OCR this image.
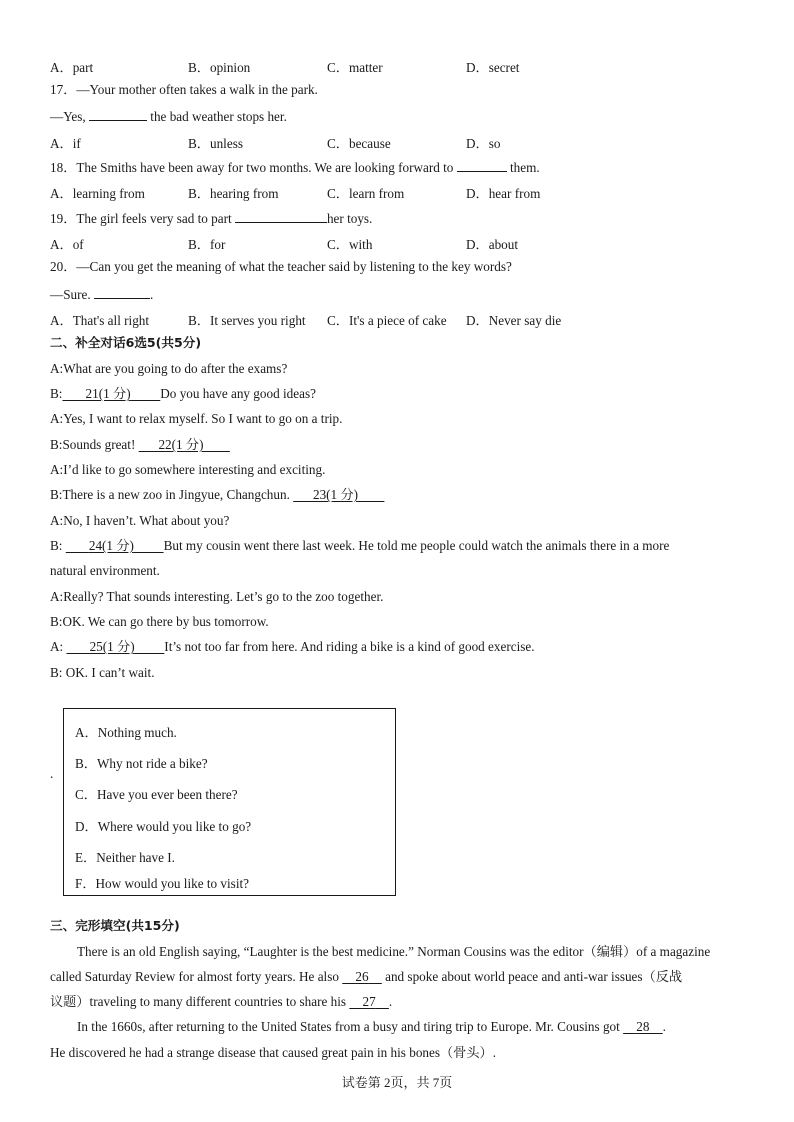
A．part	B．opinion	C．matter	D．secret
17．—Your mother often takes a walk in the park.
—Yes,	the bad weather stops her.
A．if	B．unless	C．because	D．so
18．The Smiths have been away for two months. We are looking forward to	them.
A．learning from	B．hearing from	C．learn from	D．hear from
19．The girl feels very sad to part	her toys.
A．of	B．for	C．with	D．about
20．—Can you get the meaning of what the teacher said by listening to the key words?
—Sure.	.
A．That's all right	B．It serves you right C．It's a piece of cake D．Never say die
二、补全对话6选5(共5分)
A:What are you going to do after the exams?
B: 21(1 分) Do you have any good ideas?
A:Yes, I want to relax myself. So I want to go on a trip.
B:Sounds great!       22(1 分)
A:I’d like to go somewhere interesting and exciting.
B:There is a new zoo in Jingyue, Changchun.       23(1 分)
A:No, I haven’t. What about you?
B:        24(1 分) But my cousin went there last week. He told me people could watch the animals there in a more
natural environment.
A:Really? That sounds interesting. Let’s go to the zoo together.
B:OK. We can go there by bus tomorrow.
A:        25(1 分) It’s not too far from here. And riding a bike is a kind of good exercise.
B: OK. I can’t wait.
.
A．Nothing much.
B．Why not ride a bike?
C．Have you ever been there?
D．Where would you like to go?
E．Neither have I.
F．How would you like to visit?
三、完形填空(共15分)
There is an old English saying, “Laughter is the best medicine.” Norman Cousins was the editor（编辑）of a magazine
called Saturday Review for almost forty years. He also     26     and spoke about world peace and anti-war issues（反战
议题）traveling to many different countries to share his     27 .
In the 1660s, after returning to the United States from a busy and tiring trip to Europe. Mr. Cousins got     28 .
He discovered he had a strange disease that caused great pain in his bones（骨头）.
试卷第 2页，共 7页
